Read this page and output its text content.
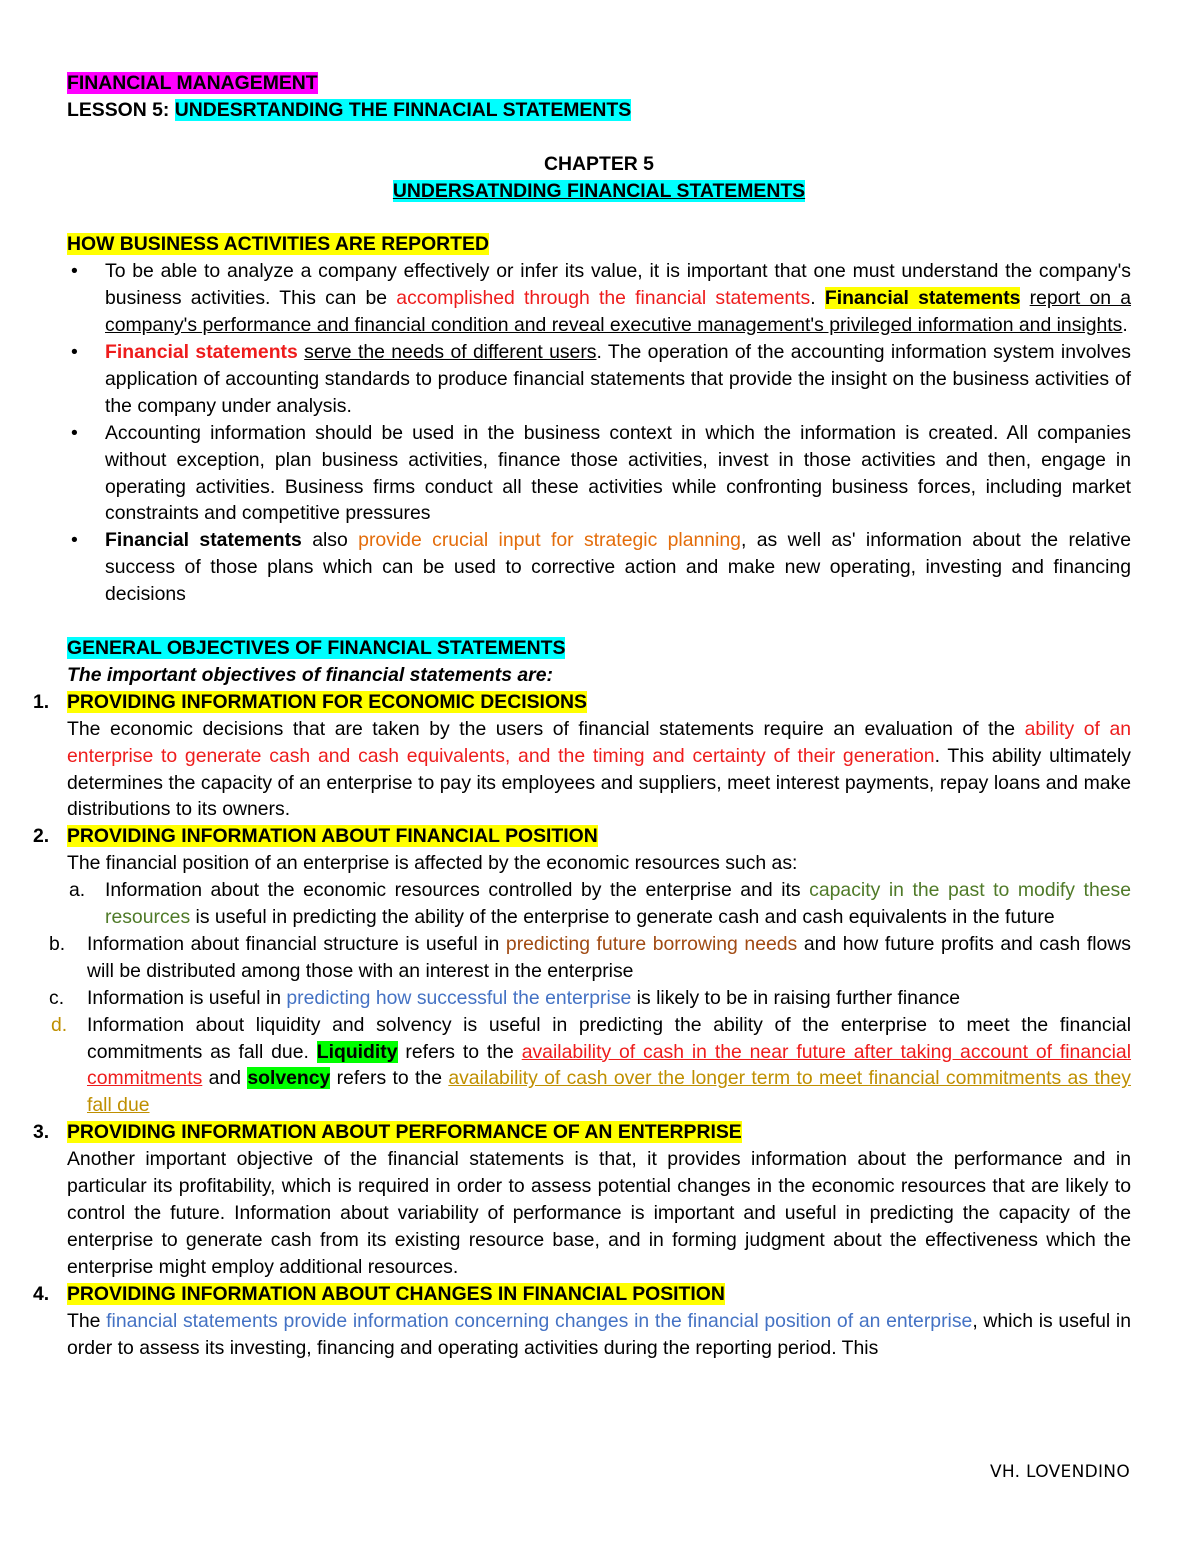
FINANCIAL MANAGEMENT

LESSON 5: UNDESRTANDING THE FINNACIAL STATEMENTS

CHAPTER 5

UNDERSATNDING FINANCIAL STATEMENTS

HOW BUSINESS ACTIVITIES ARE REPORTED

• To be able to analyze a company effectively or infer its value, it is important that one must understand the company's business activities. This can be accomplished through the financial statements. Financial statements report on a company's performance and financial condition and reveal executive management's privileged information and insights.
• Financial statements serve the needs of different users. The operation of the accounting information system involves application of accounting standards to produce financial statements that provide the insight on the business activities of the company under analysis.
• Accounting information should be used in the business context in which the information is created. All companies without exception, plan business activities, finance those activities, invest in those activities and then, engage in operating activities. Business firms conduct all these activities while confronting business forces, including market constraints and competitive pressures
• Financial statements also provide crucial input for strategic planning, as well as' information about the relative success of those plans which can be used to corrective action and make new operating, investing and financing decisions

GENERAL OBJECTIVES OF FINANCIAL STATEMENTS

The important objectives of financial statements are:

1. PROVIDING INFORMATION FOR ECONOMIC DECISIONS

The economic decisions that are taken by the users of financial statements require an evaluation of the ability of an enterprise to generate cash and cash equivalents, and the timing and certainty of their generation. This ability ultimately determines the capacity of an enterprise to pay its employees and suppliers, meet interest payments, repay loans and make distributions to its owners.

2. PROVIDING INFORMATION ABOUT FINANCIAL POSITION

The financial position of an enterprise is affected by the economic resources such as:

a. Information about the economic resources controlled by the enterprise and its capacity in the past to modify these resources is useful in predicting the ability of the enterprise to generate cash and cash equivalents in the future
b. Information about financial structure is useful in predicting future borrowing needs and how future profits and cash flows will be distributed among those with an interest in the enterprise
c. Information is useful in predicting how successful the enterprise is likely to be in raising further finance
d. Information about liquidity and solvency is useful in predicting the ability of the enterprise to meet the financial commitments as fall due. Liquidity refers to the availability of cash in the near future after taking account of financial commitments and solvency refers to the availability of cash over the longer term to meet financial commitments as they fall due

3. PROVIDING INFORMATION ABOUT PERFORMANCE OF AN ENTERPRISE

Another important objective of the financial statements is that, it provides information about the performance and in particular its profitability, which is required in order to assess potential changes in the economic resources that are likely to control the future. Information about variability of performance is important and useful in predicting the capacity of the enterprise to generate cash from its existing resource base, and in forming judgment about the effectiveness which the enterprise might employ additional resources.

4. PROVIDING INFORMATION ABOUT CHANGES IN FINANCIAL POSITION

The financial statements provide information concerning changes in the financial position of an enterprise, which is useful in order to assess its investing, financing and operating activities during the reporting period. This

VH. LOVENDINO
